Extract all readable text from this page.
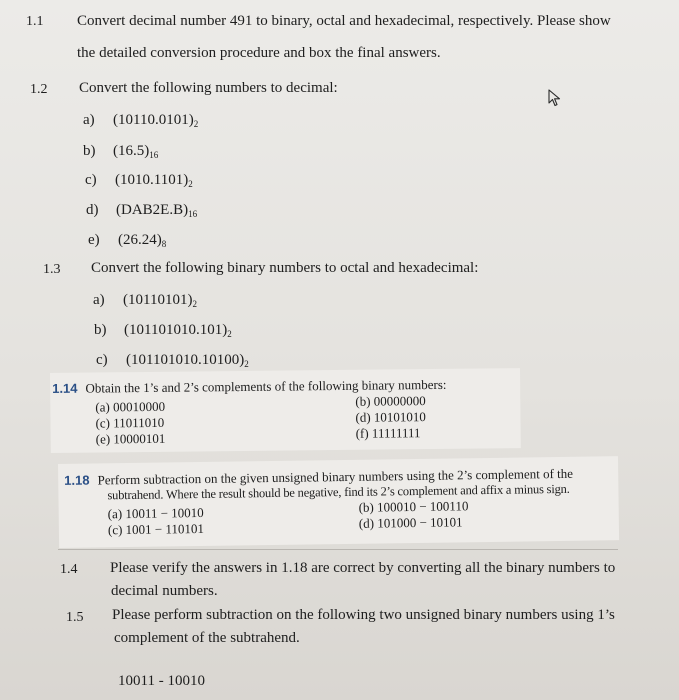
1.1 Convert decimal number 491 to binary, octal and hexadecimal, respectively. Please show
the detailed conversion procedure and box the final answers.
1.2 Convert the following numbers to decimal:
a) $(10110.0101)_2$
b) $(16.5)_{16}$
c) $(1010.1101)_2$
d) $(DAB2E.B)_{16}$
e) $(26.24)_8$
1.3 Convert the following binary numbers to octal and hexadecimal:
a) $(10110101)_2$
b) $(101101010.101)_2$
c) $(101101010.10100)_2$
1.14 Obtain the 1’s and 2’s complements of the following binary numbers:
(a) 00010000	(b) 00000000
(c) 11011010	(d) 10101010
(e) 10000101	(f) 11111111
1.18 Perform subtraction on the given unsigned binary numbers using the 2’s complement of the
subtrahend. Where the result should be negative, find its 2’s complement and affix a minus sign.
(a) 10011 − 10010	(b) 100010 − 100110
(c) 1001 − 110101	(d) 101000 − 10101
1.4 Please verify the answers in 1.18 are correct by converting all the binary numbers to
decimal numbers.
1.5 Please perform subtraction on the following two unsigned binary numbers using 1’s
complement of the subtrahend.
10011 - 10010
